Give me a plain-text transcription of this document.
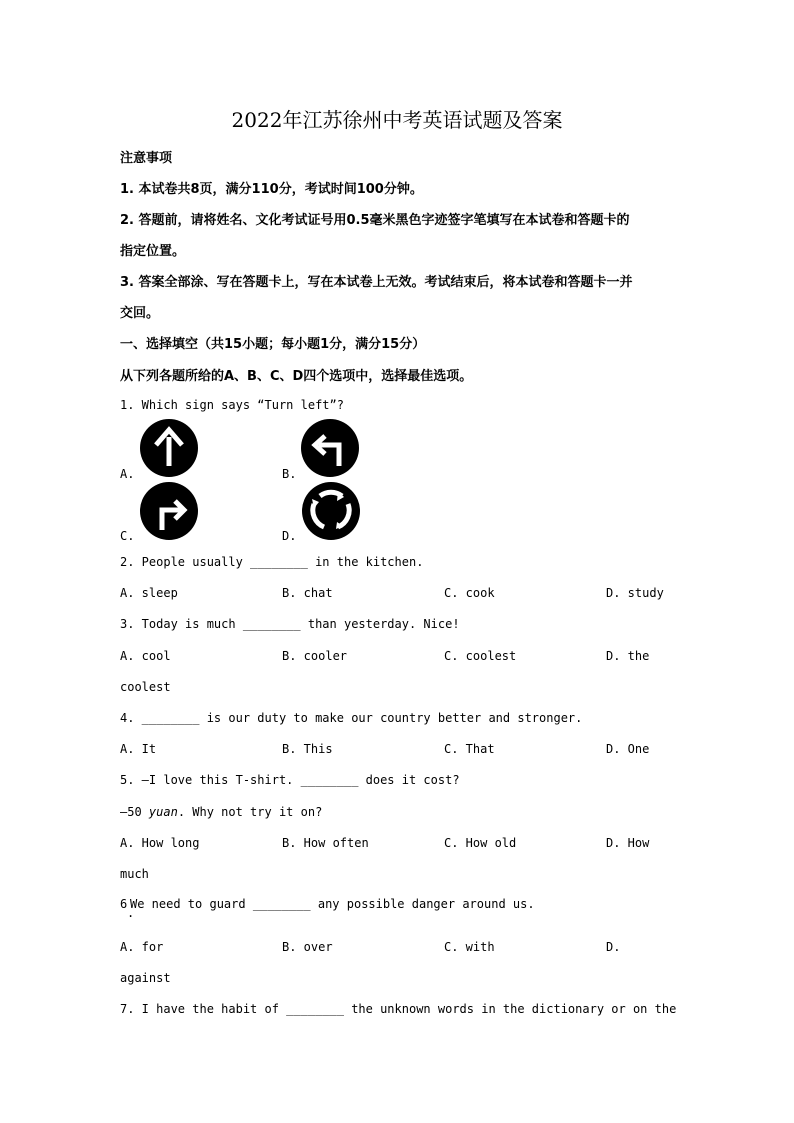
2022年江苏徐州中考英语试题及答案
注意事项
1. 本试卷共8页，满分110分，考试时间100分钟。
2. 答题前，请将姓名、文化考试证号用0.5毫米黑色字迹签字笔填写在本试卷和答题卡的
指定位置。
3. 答案全部涂、写在答题卡上，写在本试卷上无效。考试结束后，将本试卷和答题卡一并
交回。
一、选择填空（共15小题；每小题1分，满分15分）
从下列各题所给的A、B、C、D四个选项中，选择最佳选项。
1. Which sign says “Turn left”?
A.	B.
C.	D.
2. People usually ________ in the kitchen.
A. sleep	B. chat	C. cook	D. study
3. Today is much ________ than yesterday. Nice!
A. cool	B. cooler	C. coolest	D. the
coolest
4. ________ is our duty to make our country better and stronger.
A. It	B. This	C. That	D. One
5. —I love this T-shirt. ________ does it cost?
—50 yuan. Why not try it on?
A. How long	B. How often	C. How old	D. How
much
6
.
We need to guard ________ any possible danger around us.
A. for	B. over	C. with	D.
against
7. I have the habit of ________ the unknown words in the dictionary or on the
